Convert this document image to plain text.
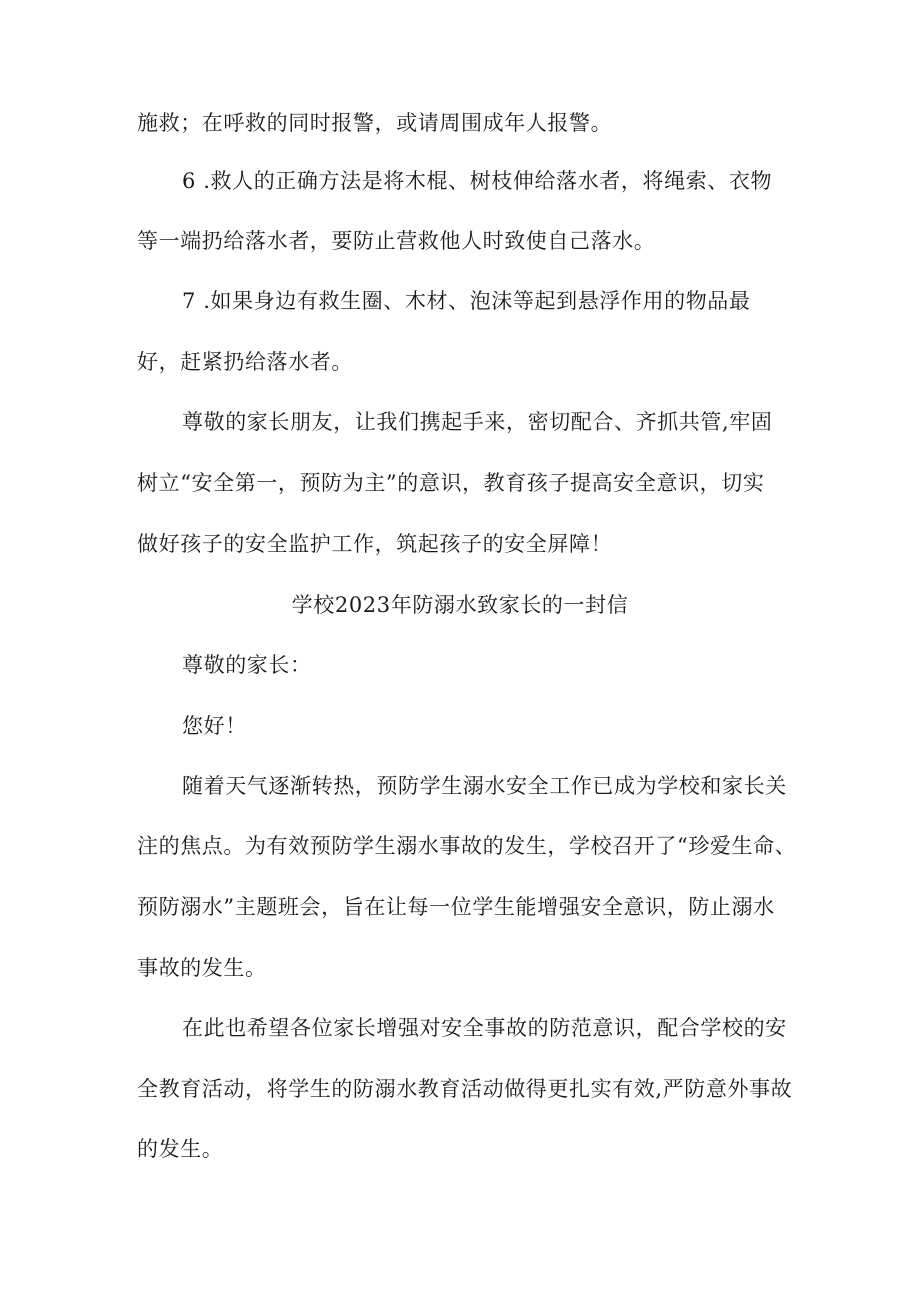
施救；在呼救的同时报警，或请周围成年人报警。
6 .救人的正确方法是将木棍、树枝伸给落水者，将绳索、衣物
等一端扔给落水者，要防止营救他人时致使自己落水。
7 .如果身边有救生圈、木材、泡沫等起到悬浮作用的物品最
好，赶紧扔给落水者。
尊敬的家长朋友，让我们携起手来，密切配合、齐抓共管,牢固
树立“安全第一，预防为主”的意识，教育孩子提高安全意识，切实
做好孩子的安全监护工作，筑起孩子的安全屏障！
学校2023年防溺水致家长的一封信
尊敬的家长：
您好！
随着天气逐渐转热，预防学生溺水安全工作已成为学校和家长关
注的焦点。为有效预防学生溺水事故的发生，学校召开了“珍爱生命、
预防溺水”主题班会，旨在让每一位学生能增强安全意识，防止溺水
事故的发生。
在此也希望各位家长增强对安全事故的防范意识，配合学校的安
全教育活动，将学生的防溺水教育活动做得更扎实有效,严防意外事故
的发生。
